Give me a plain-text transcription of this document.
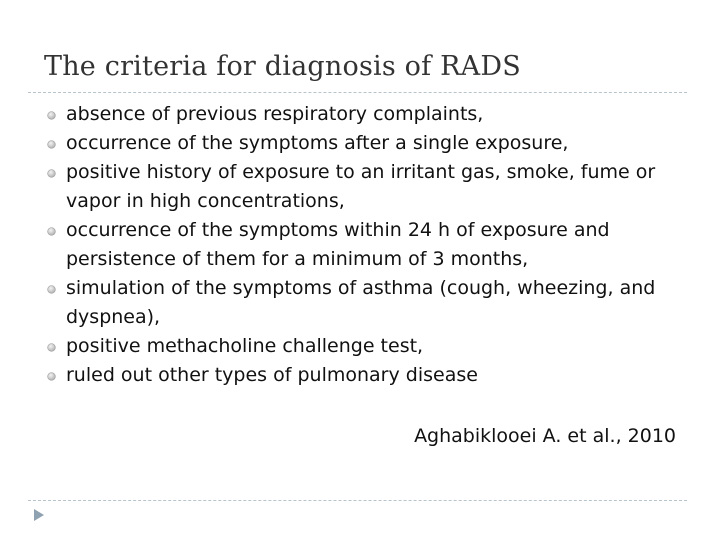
The criteria for diagnosis of RADS
absence of previous respiratory complaints,
occurrence of the symptoms after a single exposure,
positive history of exposure to an irritant gas, smoke, fume or vapor in high concentrations,
occurrence of the symptoms within 24 h of exposure and persistence of them for a minimum of 3 months,
simulation of the symptoms of asthma (cough, wheezing, and dyspnea),
positive methacholine challenge test,
ruled out other types of pulmonary disease
Aghabiklooei A. et al., 2010
